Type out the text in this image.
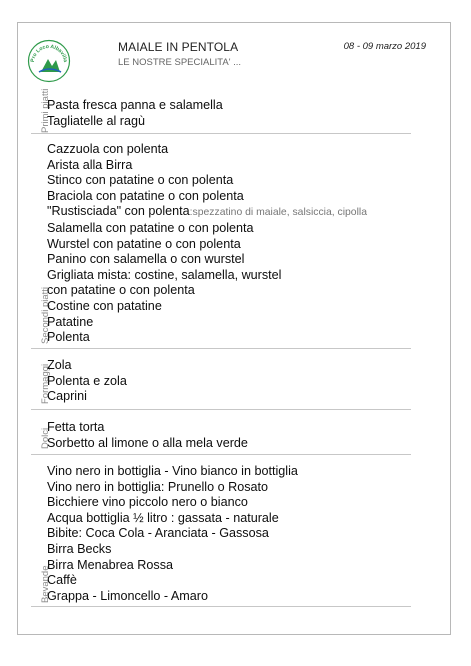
Pro Loco Albavilla
MAIALE IN PENTOLA
LE NOSTRE SPECIALITA' ...
08 - 09 marzo 2019
Primi piatti
Pasta fresca panna e salamella
Tagliatelle al ragù
Secondi piatti
Cazzuola con polenta
Arista alla Birra
Stinco con patatine o con polenta
Braciola con patatine o con polenta
"Rustisciada" con polenta:spezzatino di maiale, salsiccia, cipolla
Salamella con patatine o con polenta
Wurstel con patatine o con polenta
Panino con salamella o con wurstel
Grigliata mista: costine, salamella, wurstel
con patatine o con polenta
Costine con patatine
Patatine
Polenta
Formaggi
Zola
Polenta e zola
Caprini
Dolci
Fetta torta
Sorbetto al limone o alla mela verde
Bevande
Vino nero in bottiglia - Vino bianco in bottiglia
Vino nero in bottiglia: Prunello o Rosato
Bicchiere vino piccolo nero o bianco
Acqua bottiglia ½ litro : gassata - naturale
Bibite: Coca Cola - Aranciata - Gassosa
Birra Becks
Birra Menabrea Rossa
Caffè
Grappa - Limoncello - Amaro
